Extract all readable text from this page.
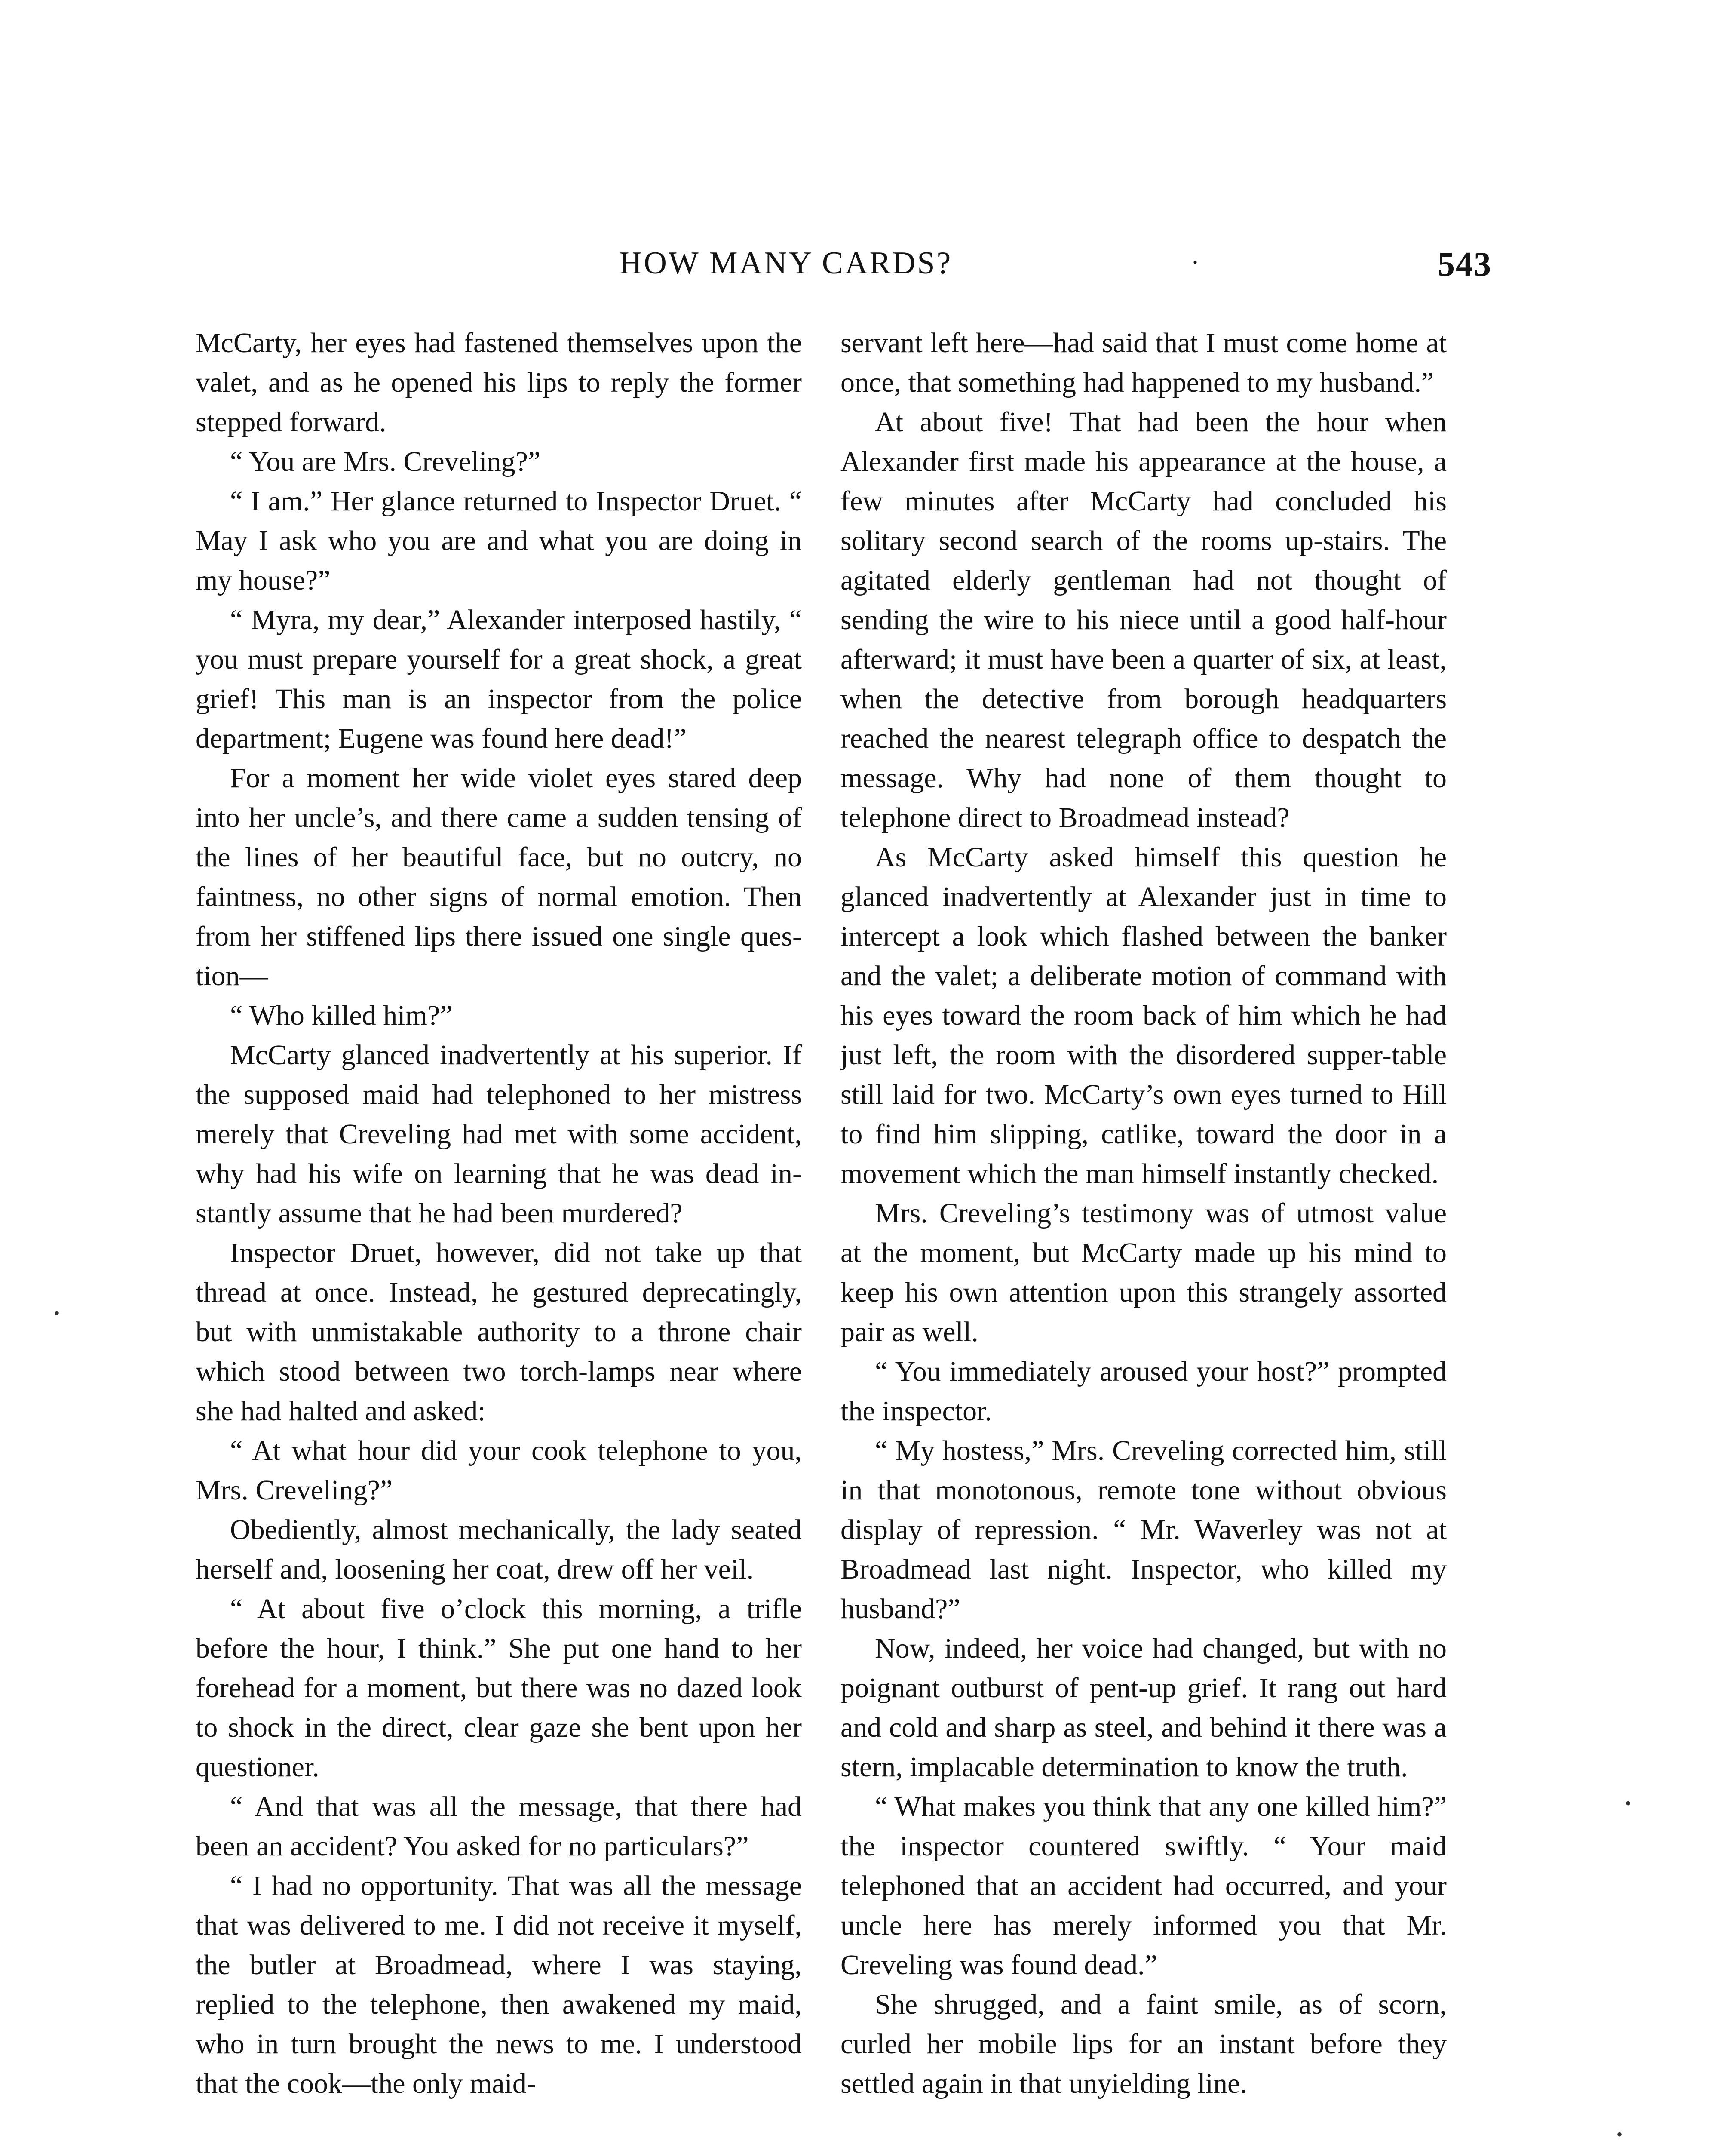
HOW MANY CARDS?	·	543

McCarty, her eyes had fastened themselves upon the valet, and as he opened his lips to reply the former stepped forward.

“ You are Mrs. Creveling?”

“ I am.” Her glance returned to Inspector Druet. “ May I ask who you are and what you are doing in my house?”

“ Myra, my dear,” Alexander interposed hastily, “ you must prepare yourself for a great shock, a great grief! This man is an inspector from the police department; Eugene was found here dead!”

For a moment her wide violet eyes stared deep into her uncle’s, and there came a sudden tensing of the lines of her beautiful face, but no outcry, no faintness, no other signs of normal emotion. Then from her stiffened lips there issued one single question—

“ Who killed him?”

McCarty glanced inadvertently at his superior. If the supposed maid had telephoned to her mistress merely that Creveling had met with some accident, why had his wife on learning that he was dead instantly assume that he had been murdered?

Inspector Druet, however, did not take up that thread at once. Instead, he gestured deprecatingly, but with unmistakable authority to a throne chair which stood between two torch-lamps near where she had halted and asked:

“ At what hour did your cook telephone to you, Mrs. Creveling?”

Obediently, almost mechanically, the lady seated herself and, loosening her coat, drew off her veil.

“ At about five o’clock this morning, a trifle before the hour, I think.” She put one hand to her forehead for a moment, but there was no dazed look to shock in the direct, clear gaze she bent upon her questioner.

“ And that was all the message, that there had been an accident? You asked for no particulars?”

“ I had no opportunity. That was all the message that was delivered to me. I did not receive it myself, the butler at Broadmead, where I was staying, replied to the telephone, then awakened my maid, who in turn brought the news to me. I understood that the cook—the only maid-

servant left here—had said that I must come home at once, that something had happened to my husband.”

At about five! That had been the hour when Alexander first made his appearance at the house, a few minutes after McCarty had concluded his solitary second search of the rooms up-stairs. The agitated elderly gentleman had not thought of sending the wire to his niece until a good half-hour afterward; it must have been a quarter of six, at least, when the detective from borough headquarters reached the nearest telegraph office to despatch the message. Why had none of them thought to telephone direct to Broadmead instead?

As McCarty asked himself this question he glanced inadvertently at Alexander just in time to intercept a look which flashed between the banker and the valet; a deliberate motion of command with his eyes toward the room back of him which he had just left, the room with the disordered supper-table still laid for two. McCarty’s own eyes turned to Hill to find him slipping, catlike, toward the door in a movement which the man himself instantly checked.

Mrs. Creveling’s testimony was of utmost value at the moment, but McCarty made up his mind to keep his own attention upon this strangely assorted pair as well.

“ You immediately aroused your host?” prompted the inspector.

“ My hostess,” Mrs. Creveling corrected him, still in that monotonous, remote tone without obvious display of repression. “ Mr. Waverley was not at Broadmead last night. Inspector, who killed my husband?”

Now, indeed, her voice had changed, but with no poignant outburst of pent-up grief. It rang out hard and cold and sharp as steel, and behind it there was a stern, implacable determination to know the truth.

“ What makes you think that any one killed him?” the inspector countered swiftly. “ Your maid telephoned that an accident had occurred, and your uncle here has merely informed you that Mr. Creveling was found dead.”

She shrugged, and a faint smile, as of scorn, curled her mobile lips for an instant before they settled again in that unyielding line.

•
•
•
